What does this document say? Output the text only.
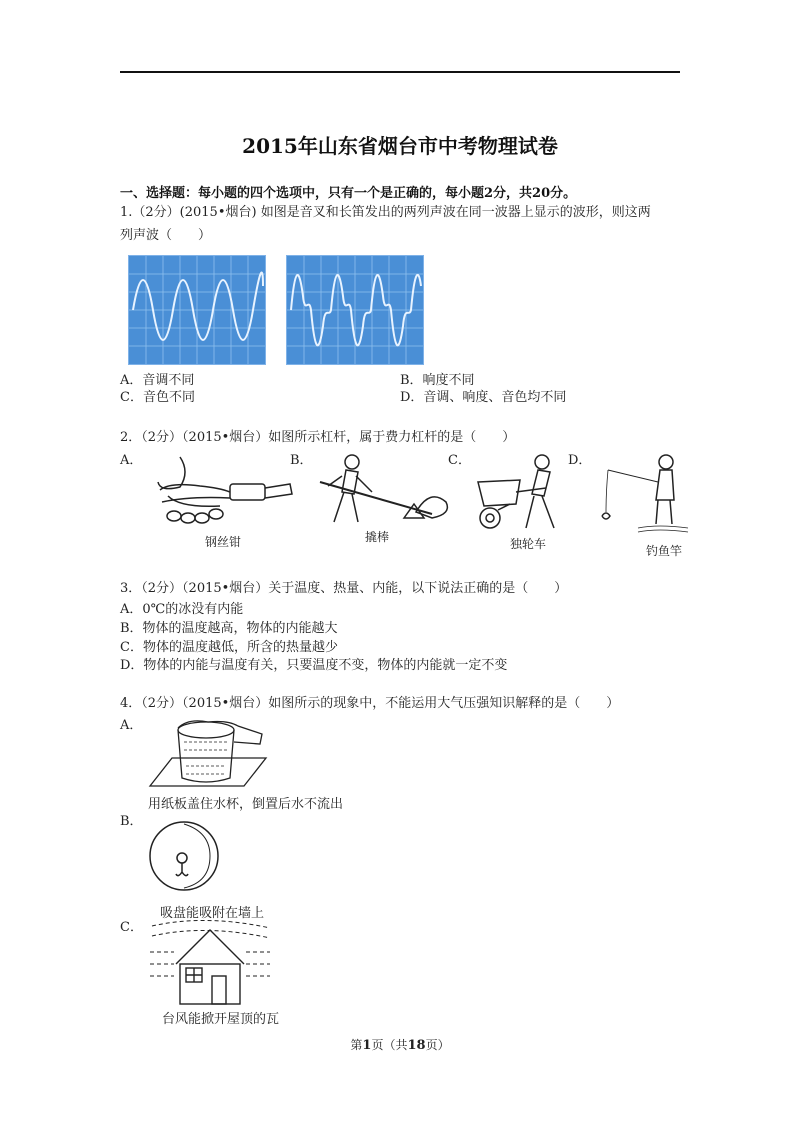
2015年山东省烟台市中考物理试卷
一、选择题：每小题的四个选项中，只有一个是正确的，每小题2分，共20分。
1.（2分）(2015•烟台) 如图是音叉和长笛发出的两列声波在同一波器上显示的波形，则这两
列声波（　　）
A．音调不同	B．响度不同
C．音色不同	D．音调、响度、音色均不同
2．（2分）（2015•烟台）如图所示杠杆，属于费力杠杆的是（　　）
A．	B．	C．	D．
钢丝钳	撬棒	独轮车	钓鱼竿
3．（2分）（2015•烟台）关于温度、热量、内能，以下说法正确的是（　　）
A．0℃的冰没有内能
B．物体的温度越高，物体的内能越大
C．物体的温度越低，所含的热量越少
D．物体的内能与温度有关，只要温度不变，物体的内能就一定不变
4．（2分）（2015•烟台）如图所示的现象中，不能运用大气压强知识解释的是（　　）
A．
用纸板盖住水杯，倒置后水不流出
B．
吸盘能吸附在墙上
C．
台风能掀开屋顶的瓦
第1页（共18页）
